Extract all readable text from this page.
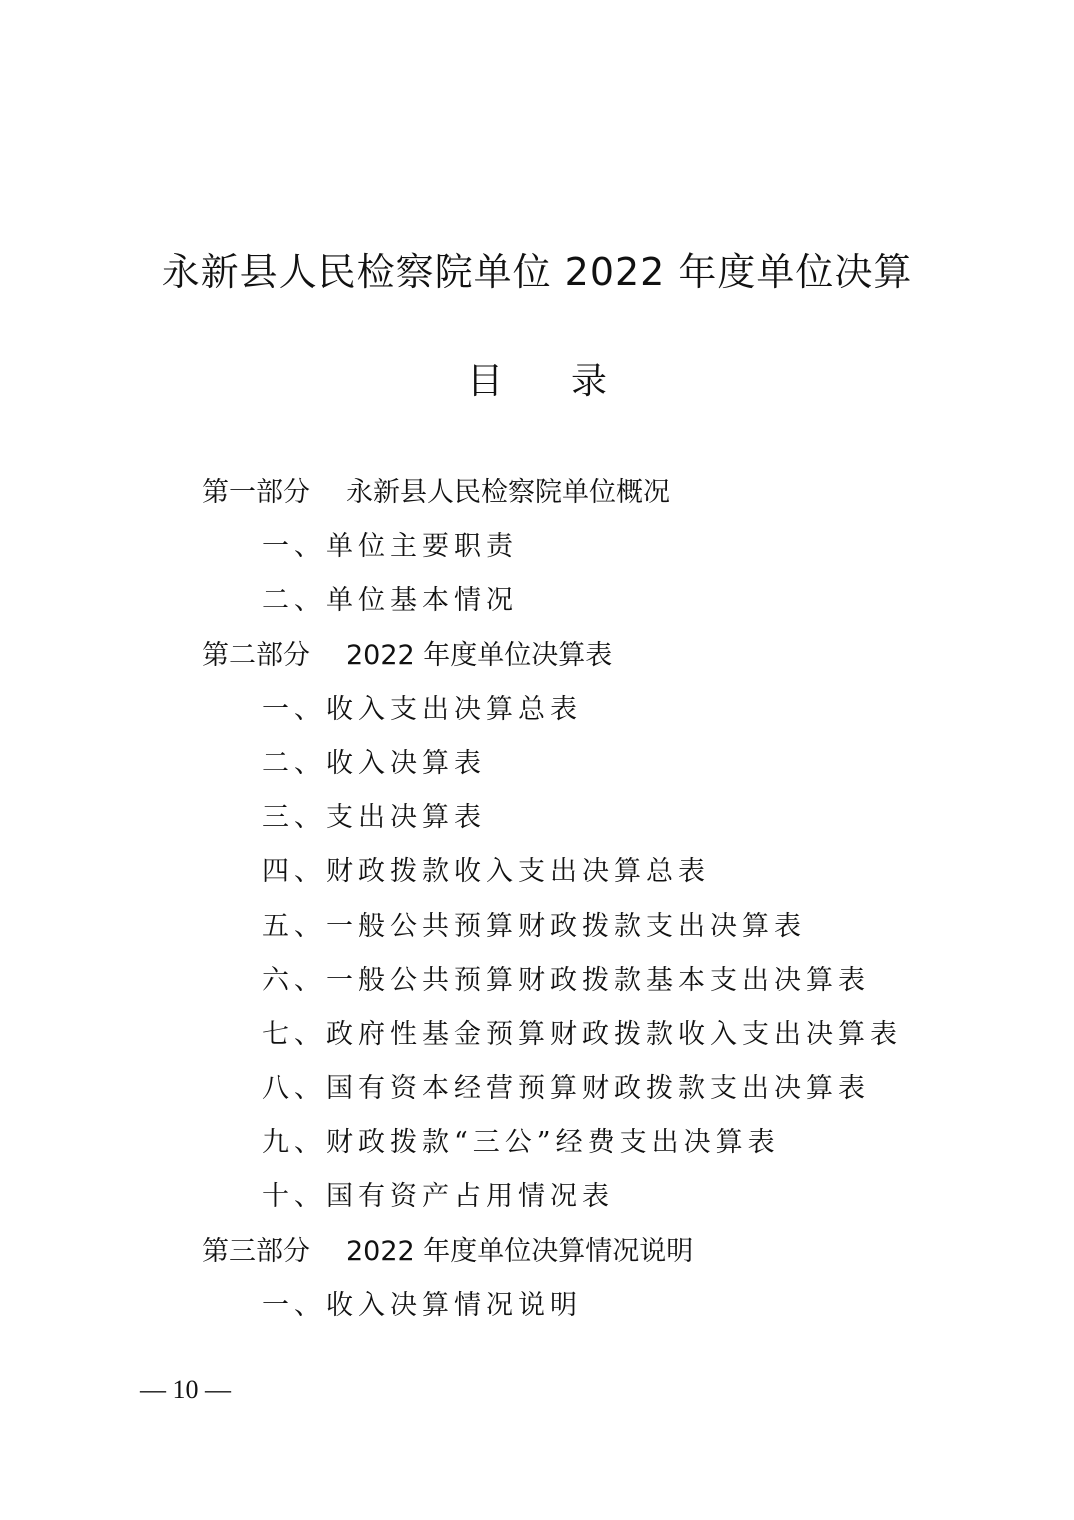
永新县人民检察院单位 2022 年度单位决算
目 录
第一部分 永新县人民检察院单位概况
一、单位主要职责
二、单位基本情况
第二部分 2022 年度单位决算表
一、收入支出决算总表
二、收入决算表
三、支出决算表
四、财政拨款收入支出决算总表
五、一般公共预算财政拨款支出决算表
六、一般公共预算财政拨款基本支出决算表
七、政府性基金预算财政拨款收入支出决算表
八、国有资本经营预算财政拨款支出决算表
九、财政拨款“三公”经费支出决算表
十、国有资产占用情况表
第三部分 2022 年度单位决算情况说明
一、收入决算情况说明
— 10 —
